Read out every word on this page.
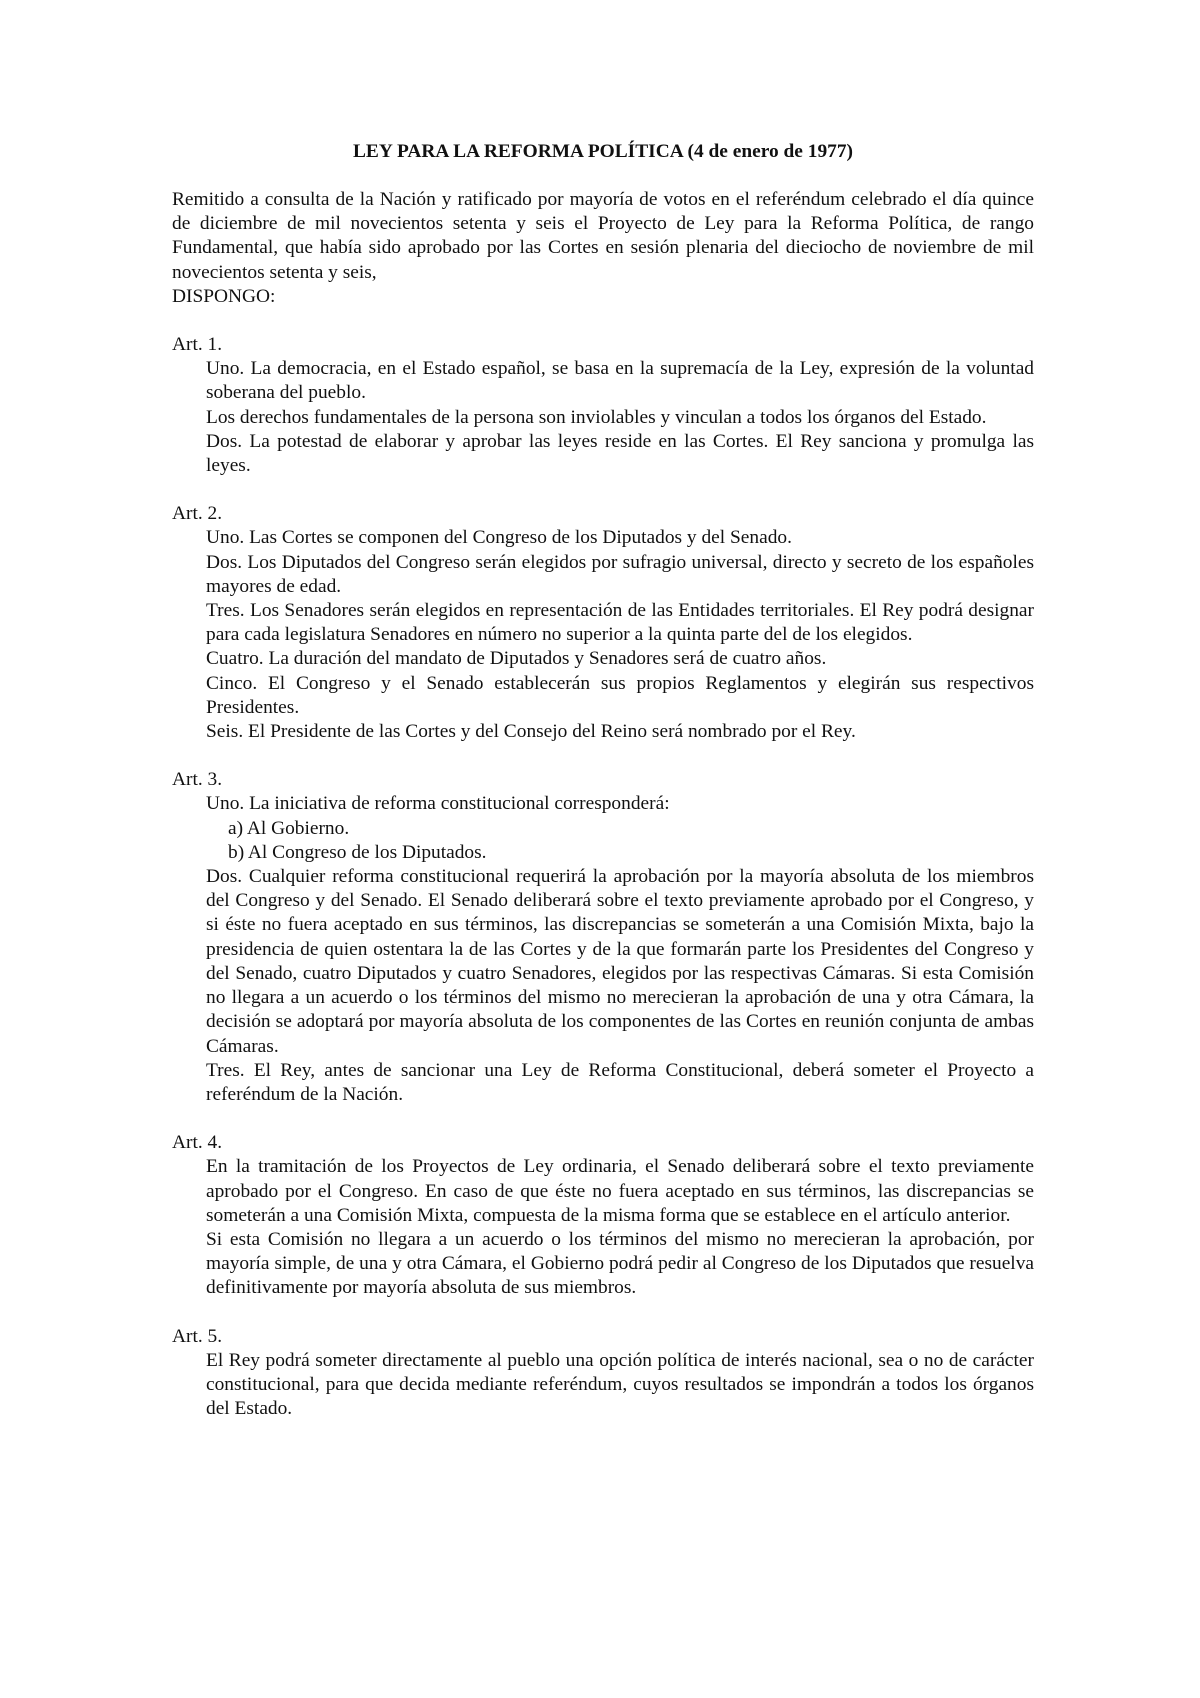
LEY PARA LA REFORMA POLÍTICA (4 de enero de 1977)

Remitido a consulta de la Nación y ratificado por mayoría de votos en el referéndum celebrado el día quince de diciembre de mil novecientos setenta y seis el Proyecto de Ley para la Reforma Política, de rango Fundamental, que había sido aprobado por las Cortes en sesión plenaria del dieciocho de noviembre de mil novecientos setenta y seis,

DISPONGO:

Art. 1.

Uno. La democracia, en el Estado español, se basa en la supremacía de la Ley, expresión de la voluntad soberana del pueblo.

Los derechos fundamentales de la persona son inviolables y vinculan a todos los órganos del Estado.

Dos. La potestad de elaborar y aprobar las leyes reside en las Cortes. El Rey sanciona y promulga las leyes.

Art. 2.

Uno. Las Cortes se componen del Congreso de los Diputados y del Senado.

Dos. Los Diputados del Congreso serán elegidos por sufragio universal, directo y secreto de los españoles mayores de edad.

Tres. Los Senadores serán elegidos en representación de las Entidades territoriales. El Rey podrá designar para cada legislatura Senadores en número no superior a la quinta parte del de los elegidos.

Cuatro. La duración del mandato de Diputados y Senadores será de cuatro años.

Cinco. El Congreso y el Senado establecerán sus propios Reglamentos y elegirán sus respectivos Presidentes.

Seis. El Presidente de las Cortes y del Consejo del Reino será nombrado por el Rey.

Art. 3.

Uno. La iniciativa de reforma constitucional corresponderá:

a) Al Gobierno.

b) Al Congreso de los Diputados.

Dos. Cualquier reforma constitucional requerirá la aprobación por la mayoría absoluta de los miembros del Congreso y del Senado. El Senado deliberará sobre el texto previamente aprobado por el Congreso, y si éste no fuera aceptado en sus términos, las discrepancias se someterán a una Comisión Mixta, bajo la presidencia de quien ostentara la de las Cortes y de la que formarán parte los Presidentes del Congreso y del Senado, cuatro Diputados y cuatro Senadores, elegidos por las respectivas Cámaras. Si esta Comisión no llegara a un acuerdo o los términos del mismo no merecieran la aprobación de una y otra Cámara, la decisión se adoptará por mayoría absoluta de los componentes de las Cortes en reunión conjunta de ambas Cámaras.

Tres. El Rey, antes de sancionar una Ley de Reforma Constitucional, deberá someter el Proyecto a referéndum de la Nación.

Art. 4.

En la tramitación de los Proyectos de Ley ordinaria, el Senado deliberará sobre el texto previamente aprobado por el Congreso. En caso de que éste no fuera aceptado en sus términos, las discrepancias se someterán a una Comisión Mixta, compuesta de la misma forma que se establece en el artículo anterior.

Si esta Comisión no llegara a un acuerdo o los términos del mismo no merecieran la aprobación, por mayoría simple, de una y otra Cámara, el Gobierno podrá pedir al Congreso de los Diputados que resuelva definitivamente por mayoría absoluta de sus miembros.

Art. 5.

El Rey podrá someter directamente al pueblo una opción política de interés nacional, sea o no de carácter constitucional, para que decida mediante referéndum, cuyos resultados se impondrán a todos los órganos del Estado.
